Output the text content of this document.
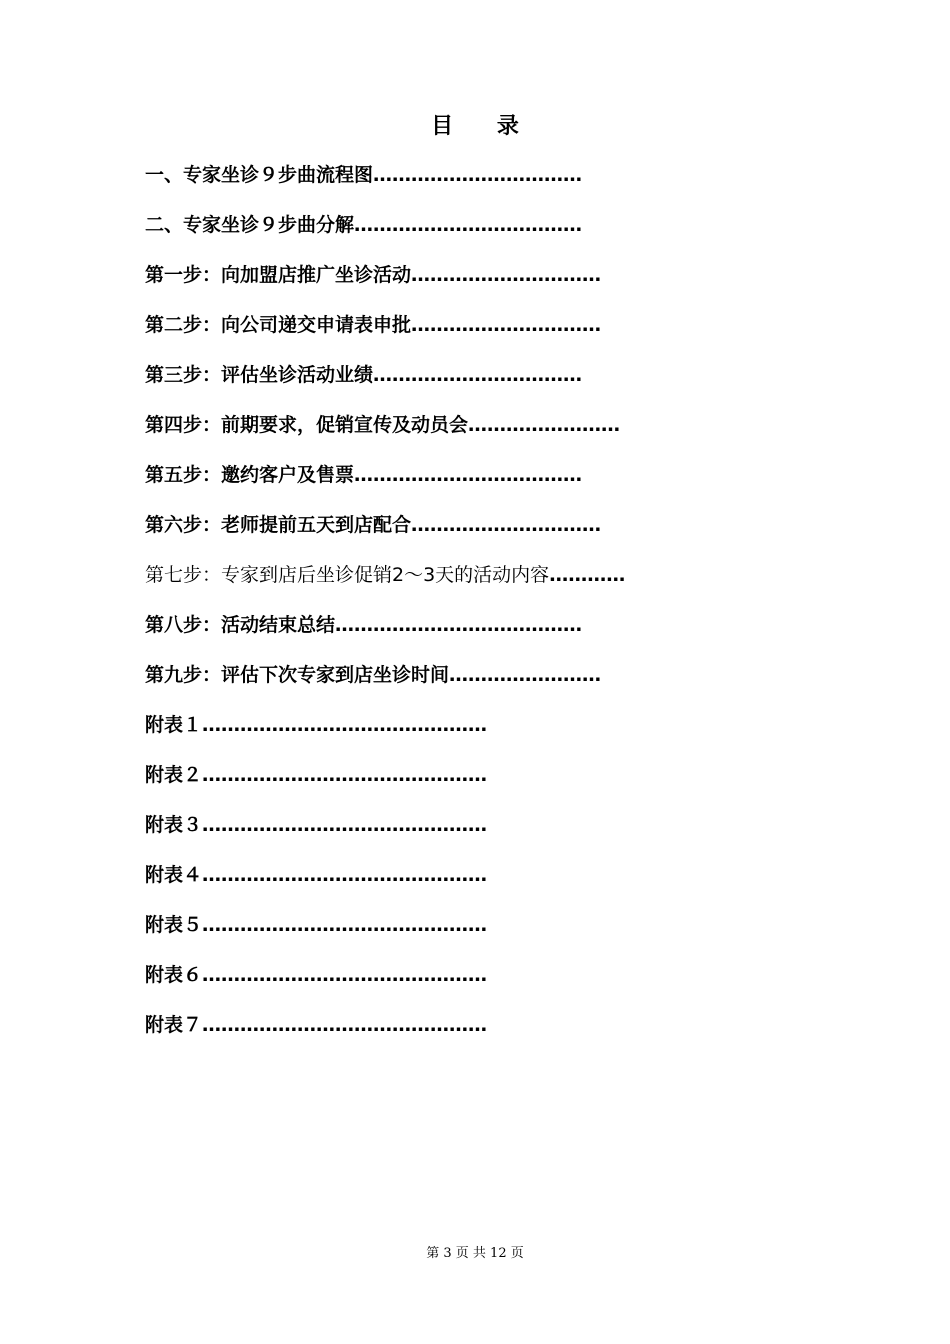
目 录
一、专家坐诊９步曲流程图……………………………
二、专家坐诊９步曲分解………………………………
第一步：向加盟店推广坐诊活动…………………………
第二步：向公司递交申请表申批…………………………
第三步：评估坐诊活动业绩……………………………
第四步：前期要求，促销宣传及动员会……………………
第五步：邀约客户及售票………………………………
第六步：老师提前五天到店配合…………………………
第七步：专家到店后坐诊促销2～3天的活动内容…………
第八步：活动结束总结…………………………………
第九步：评估下次专家到店坐诊时间……………………
附表１………………………………………
附表２………………………………………
附表３………………………………………
附表４………………………………………
附表５………………………………………
附表６………………………………………
附表７………………………………………
第 3 页 共 12 页
